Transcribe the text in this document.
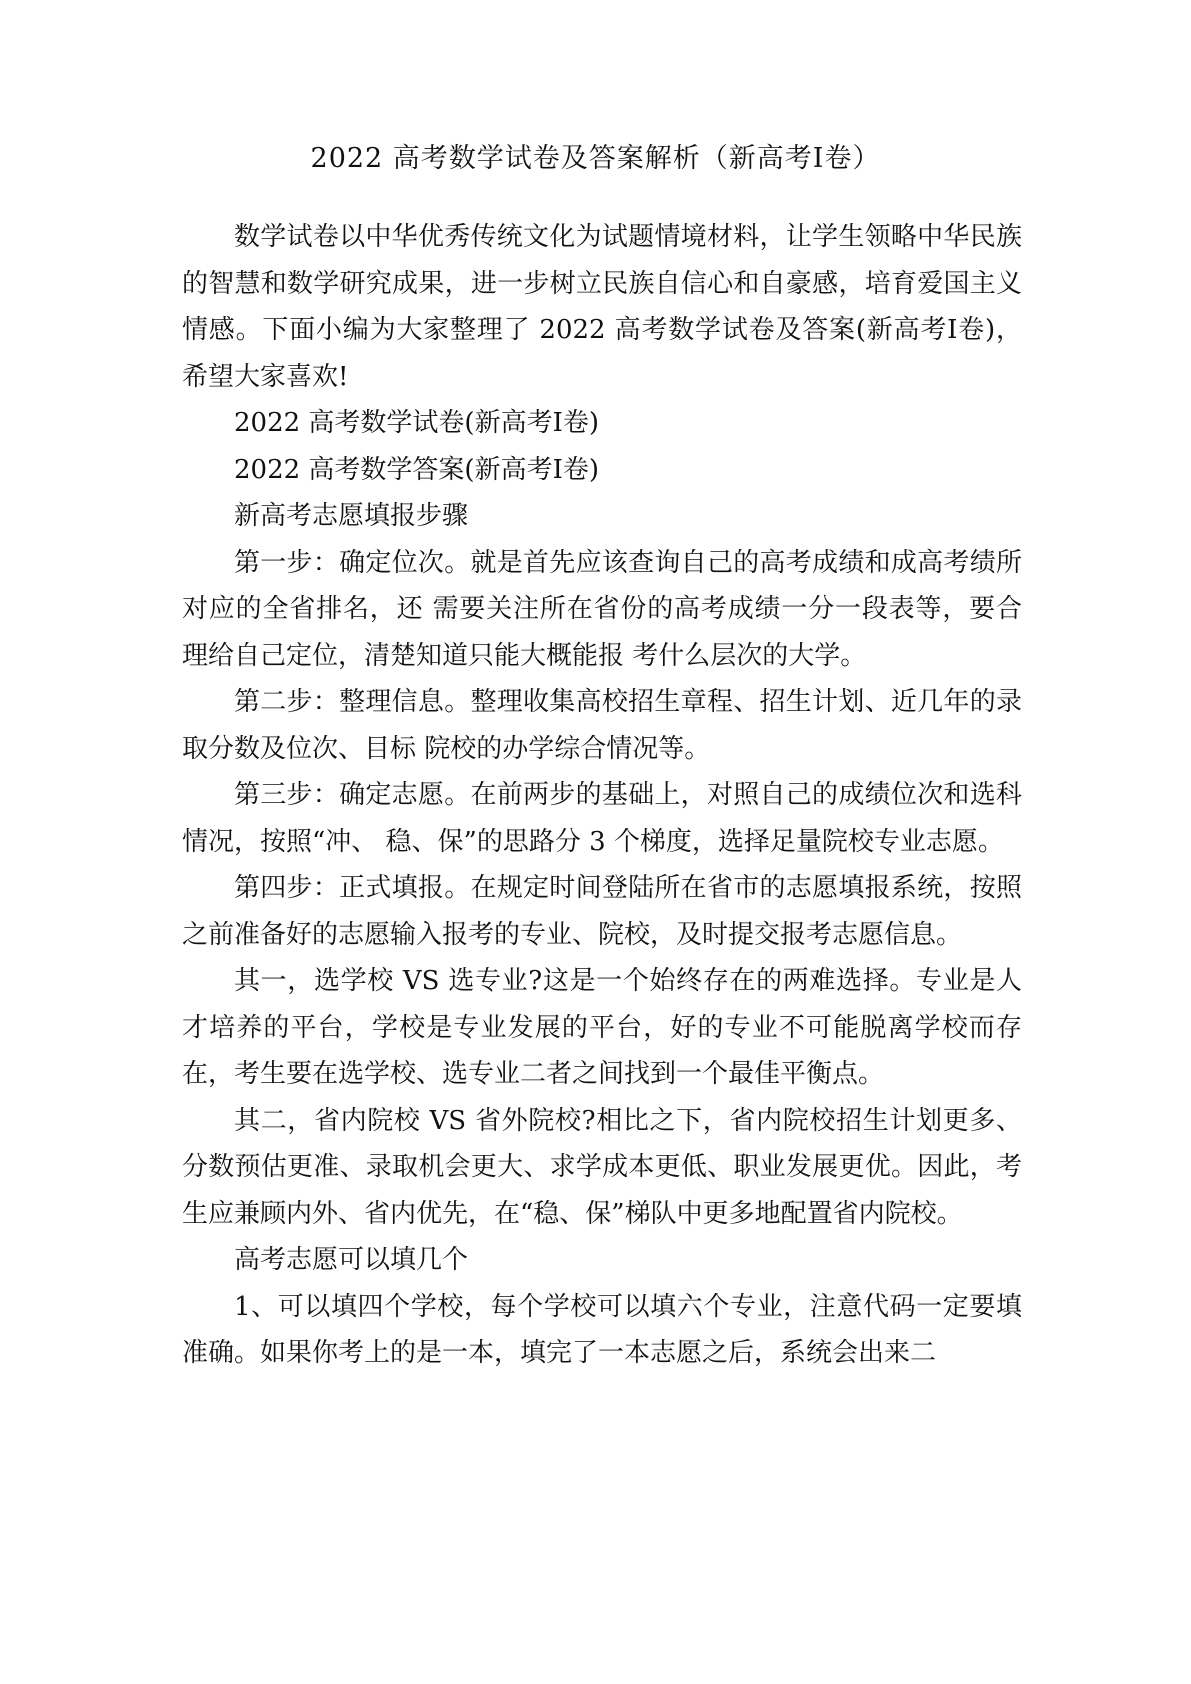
2022 高考数学试卷及答案解析（新高考Ⅰ卷）

数学试卷以中华优秀传统文化为试题情境材料，让学生领略中华民族的智慧和数学研究成果，进一步树立民族自信心和自豪感，培育爱国主义情感。下面小编为大家整理了 2022 高考数学试卷及答案(新高考Ⅰ卷)，希望大家喜欢!

2022 高考数学试卷(新高考Ⅰ卷)

2022 高考数学答案(新高考Ⅰ卷)

新高考志愿填报步骤

第一步：确定位次。就是首先应该查询自己的高考成绩和成高考绩所对应的全省排名，还 需要关注所在省份的高考成绩一分一段表等，要合理给自己定位，清楚知道只能大概能报 考什么层次的大学。

第二步：整理信息。整理收集高校招生章程、招生计划、近几年的录取分数及位次、目标 院校的办学综合情况等。

第三步：确定志愿。在前两步的基础上，对照自己的成绩位次和选科情况，按照“冲、 稳、保”的思路分 3 个梯度，选择足量院校专业志愿。

第四步：正式填报。在规定时间登陆所在省市的志愿填报系统，按照之前准备好的志愿输入报考的专业、院校，及时提交报考志愿信息。

其一，选学校 VS 选专业?这是一个始终存在的两难选择。专业是人才培养的平台，学校是专业发展的平台，好的专业不可能脱离学校而存在，考生要在选学校、选专业二者之间找到一个最佳平衡点。

其二，省内院校 VS 省外院校?相比之下，省内院校招生计划更多、分数预估更准、录取机会更大、求学成本更低、职业发展更优。因此，考生应兼顾内外、省内优先，在“稳、保”梯队中更多地配置省内院校。

高考志愿可以填几个

1、可以填四个学校，每个学校可以填六个专业，注意代码一定要填准确。如果你考上的是一本，填完了一本志愿之后，系统会出来二
